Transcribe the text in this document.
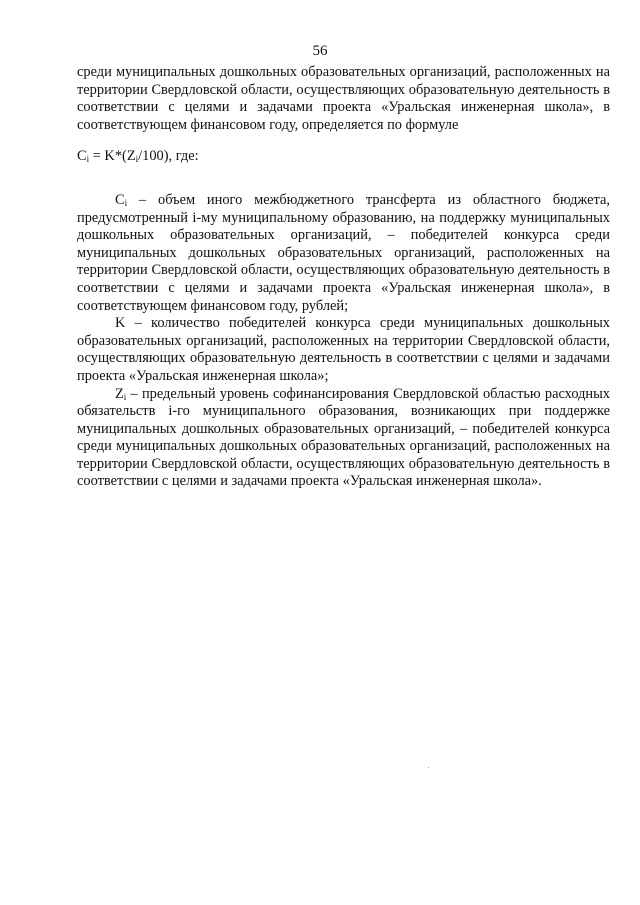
56

среди муниципальных дошкольных образовательных организаций, расположенных на территории Свердловской области, осуществляющих образовательную деятельность в соответствии с целями и задачами проекта «Уральская инженерная школа», в соответствующем финансовом году, определяется по формуле

$C_i = K*(Z_i/100)$, где:

$C_i$ – объем иного межбюджетного трансферта из областного бюджета, предусмотренный i-му муниципальному образованию, на поддержку муниципальных дошкольных образовательных организаций, – победителей конкурса среди муниципальных дошкольных образовательных организаций, расположенных на территории Свердловской области, осуществляющих образовательную деятельность в соответствии с целями и задачами проекта «Уральская инженерная школа», в соответствующем финансовом году, рублей;

K – количество победителей конкурса среди муниципальных дошкольных образовательных организаций, расположенных на территории Свердловской области, осуществляющих образовательную деятельность в соответствии с целями и задачами проекта «Уральская инженерная школа»;

$Z_i$ – предельный уровень софинансирования Свердловской областью расходных обязательств i-го муниципального образования, возникающих при поддержке муниципальных дошкольных образовательных организаций, – победителей конкурса среди муниципальных дошкольных образовательных организаций, расположенных на территории Свердловской области, осуществляющих образовательную деятельность в соответствии с целями и задачами проекта «Уральская инженерная школа».
